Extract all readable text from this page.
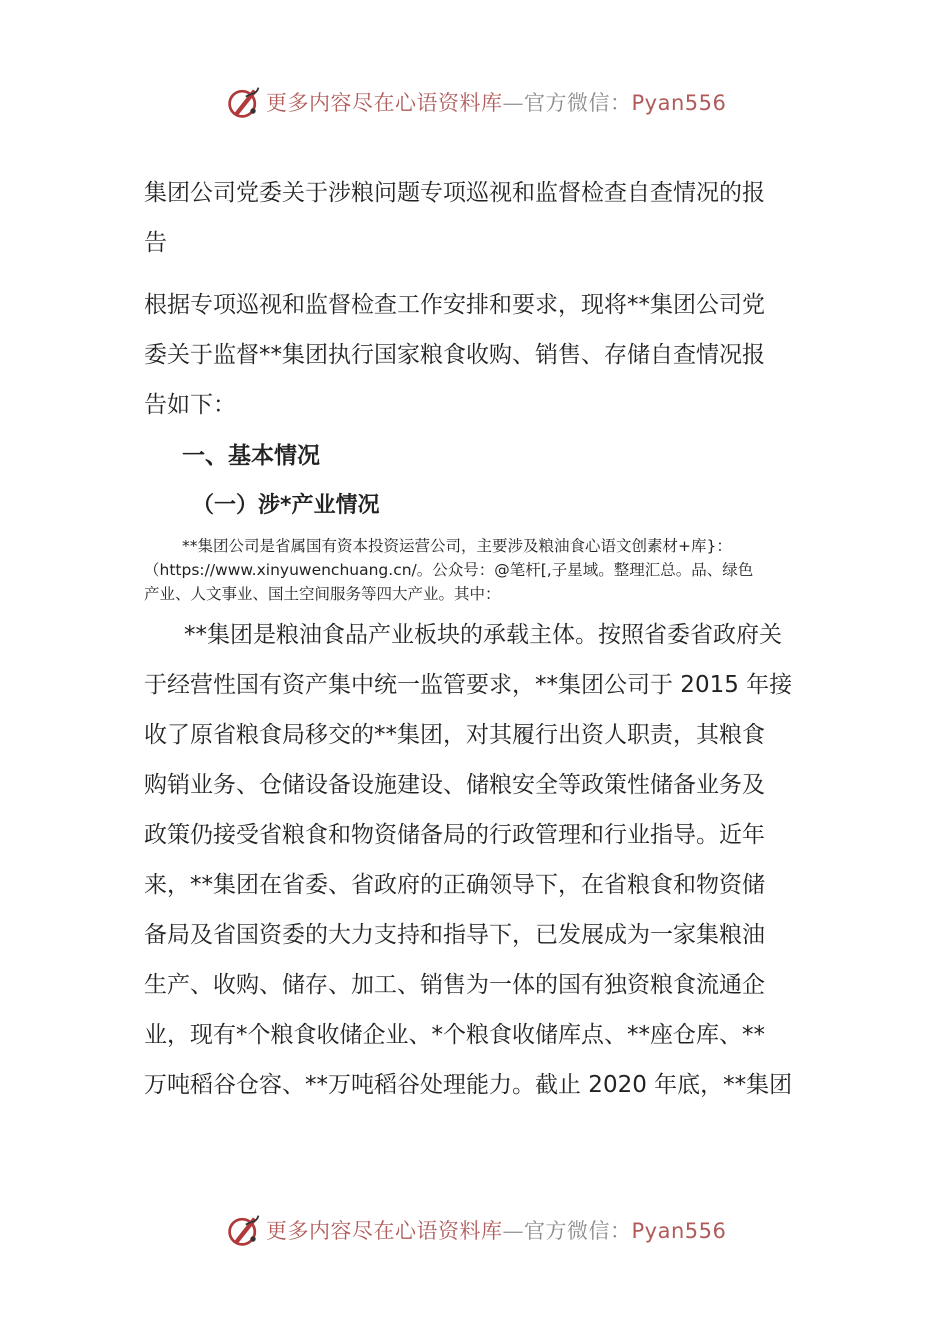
更多内容尽在心语资料库—官方微信：Pyan556
集团公司党委关于涉粮问题专项巡视和监督检查自查情况的报
告
根据专项巡视和监督检查工作安排和要求，现将**集团公司党
委关于监督**集团执行国家粮食收购、销售、存储自查情况报
告如下：
一、基本情况
（一）涉*产业情况
**集团公司是省属国有资本投资运营公司，主要涉及粮油食心语文创素材+库}：
（https://www.xinyuwenchuang.cn/。公众号：@笔杆[,子星域。整理汇总。品、绿色
产业、人文事业、国土空间服务等四大产业。其中：
**集团是粮油食品产业板块的承载主体。按照省委省政府关
于经营性国有资产集中统一监管要求，**集团公司于 2015 年接
收了原省粮食局移交的**集团，对其履行出资人职责，其粮食
购销业务、仓储设备设施建设、储粮安全等政策性储备业务及
政策仍接受省粮食和物资储备局的行政管理和行业指导。近年
来，**集团在省委、省政府的正确领导下，在省粮食和物资储
备局及省国资委的大力支持和指导下，已发展成为一家集粮油
生产、收购、储存、加工、销售为一体的国有独资粮食流通企
业，现有*个粮食收储企业、*个粮食收储库点、**座仓库、**
万吨稻谷仓容、**万吨稻谷处理能力。截止 2020 年底，**集团
更多内容尽在心语资料库—官方微信：Pyan556
